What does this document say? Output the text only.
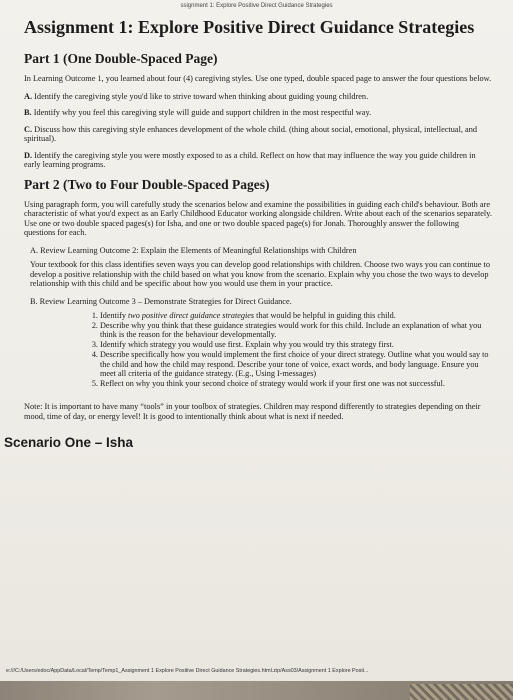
ssignment 1: Explore Positive Direct Guidance Strategies
Assignment 1: Explore Positive Direct Guidance Strategies
Part 1 (One Double-Spaced Page)

In Learning Outcome 1, you learned about four (4) caregiving styles. Use one typed, double spaced page to answer the four questions below.

A. Identify the caregiving style you'd like to strive toward when thinking about guiding young children.

B. Identify why you feel this caregiving style will guide and support children in the most respectful way.

C. Discuss how this caregiving style enhances development of the whole child. (thing about social, emotional, physical, intellectual, and spiritual).

D. Identify the caregiving style you were mostly exposed to as a child. Reflect on how that may influence the way you guide children in early learning programs.

Part 2 (Two to Four Double-Spaced Pages)

Using paragraph form, you will carefully study the scenarios below and examine the possibilities in guiding each child's behaviour. Both are characteristic of what you'd expect as an Early Childhood Educator working alongside children. Write about each of the scenarios separately. Use one or two double spaced pages(s) for Isha, and one or two double spaced page(s) for Jonah. Thoroughly answer the following questions for each.

A. Review Learning Outcome 2: Explain the Elements of Meaningful Relationships with Children

Your textbook for this class identifies seven ways you can develop good relationships with children. Choose two ways you can continue to develop a positive relationship with the child based on what you know from the scenario. Explain why you chose the two ways to develop relationship with this child and be specific about how you would use them in your practice.

B. Review Learning Outcome 3 – Demonstrate Strategies for Direct Guidance.

1. Identify two positive direct guidance strategies that would be helpful in guiding this child.
2. Describe why you think that these guidance strategies would work for this child. Include an explanation of what you think is the reason for the behaviour developmentally.
3. Identify which strategy you would use first. Explain why you would try this strategy first.
4. Describe specifically how you would implement the first choice of your direct strategy. Outline what you would say to the child and how the child may respond. Describe your tone of voice, exact words, and body language. Ensure you meet all criteria of the guidance strategy. (E.g., Using I-messages)
5. Reflect on why you think your second choice of strategy would work if your first one was not successful.

Note: It is important to have many “tools” in your toolbox of strategies. Children may respond differently to strategies depending on their mood, time of day, or energy level! It is good to intentionally think about what is next if needed.

Scenario One – Isha

e:///C:/Users/edoc/AppData/Local/Temp/Temp1_Assignment 1 Explore Positive Direct Guidance Strategies.html.zip/Ass03/Assignment 1 Explore Posit...
